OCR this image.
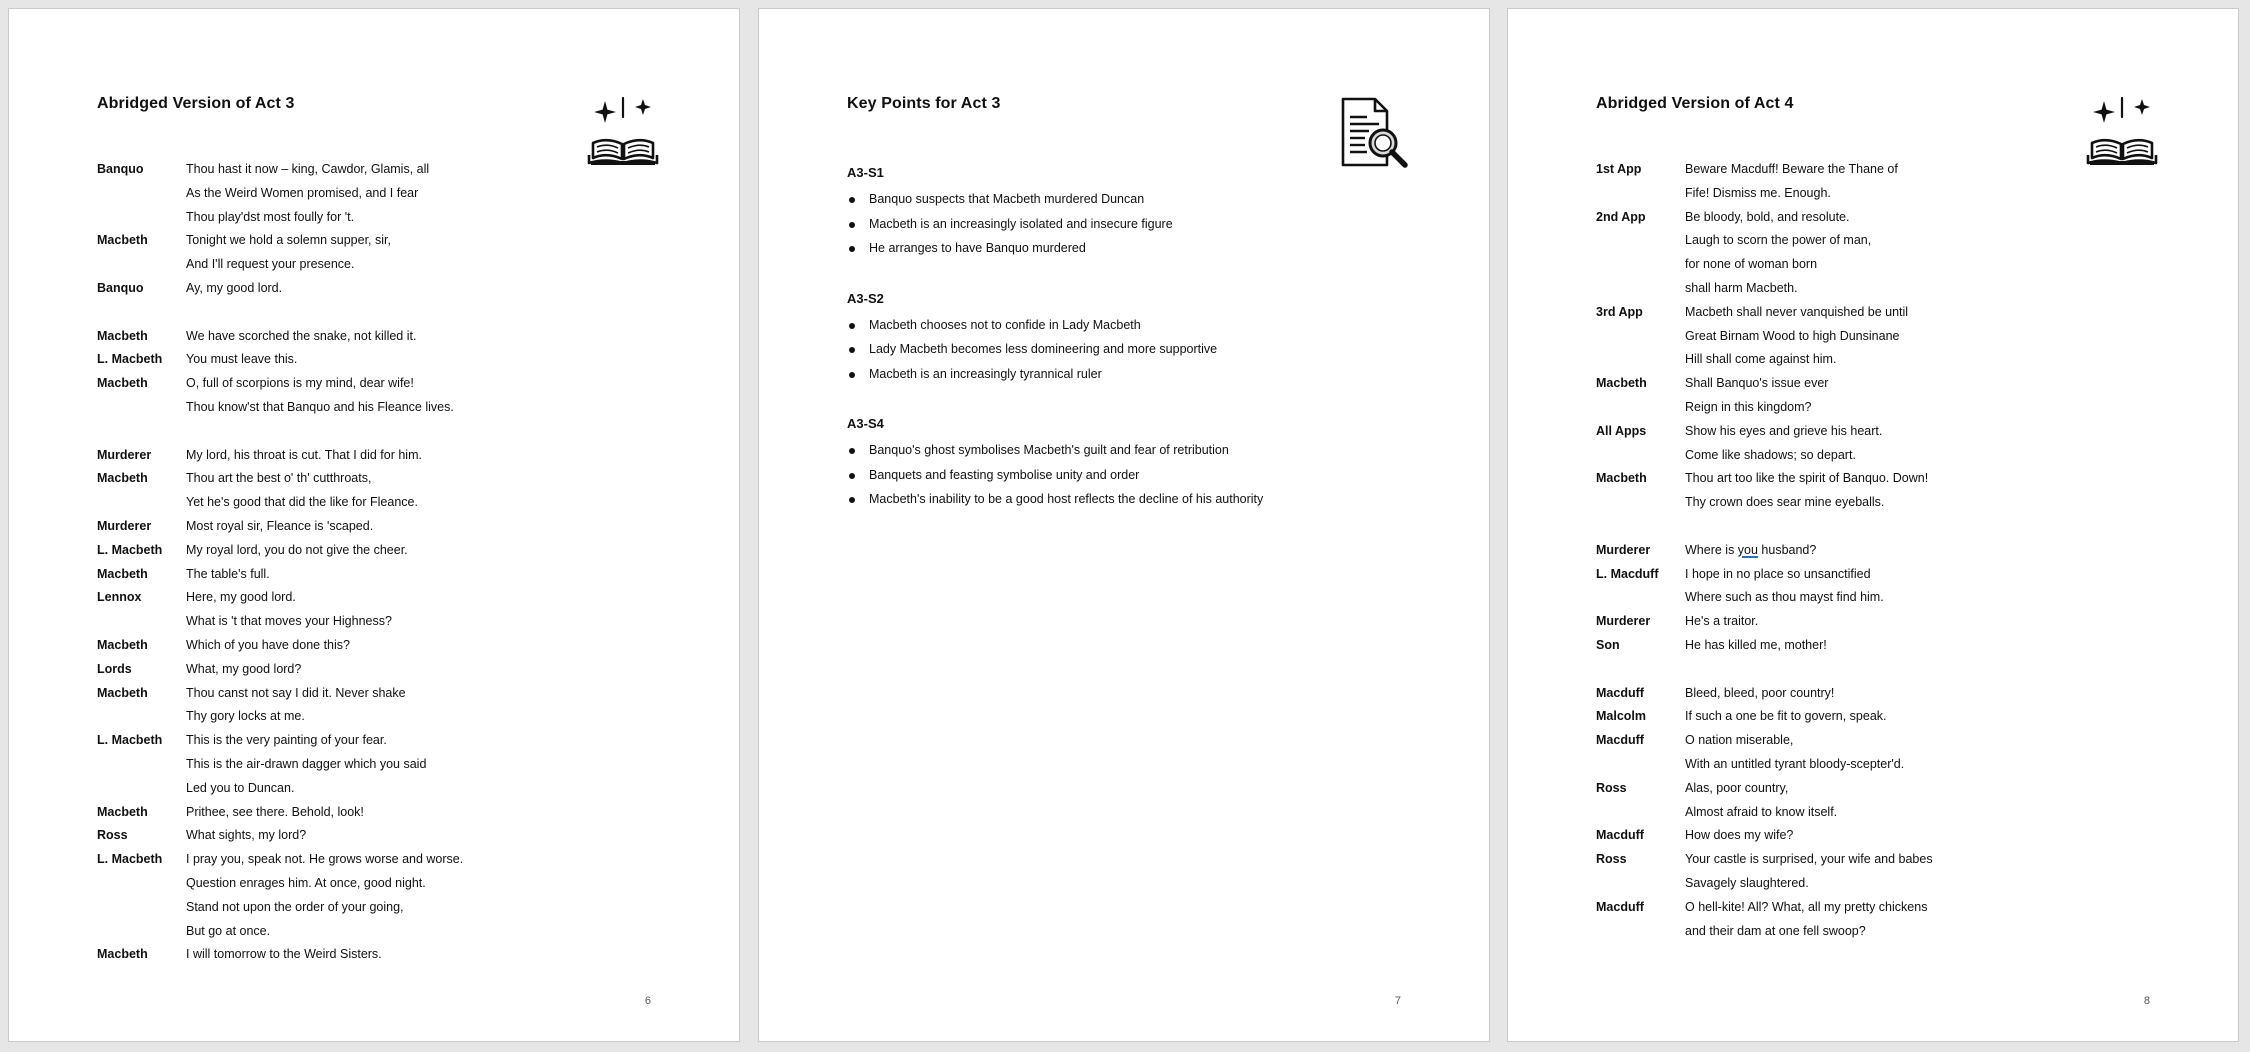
Abridged Version of Act 3
Banquo	Thou hast it now – king, Cawdor, Glamis, all
As the Weird Women promised, and I fear
Thou play'dst most foully for 't.
Macbeth	Tonight we hold a solemn supper, sir,
And I'll request your presence.
Banquo	Ay, my good lord.
Macbeth	We have scorched the snake, not killed it.
L. Macbeth You must leave this.
Macbeth	O, full of scorpions is my mind, dear wife!
Thou know'st that Banquo and his Fleance lives.
Murderer	My lord, his throat is cut. That I did for him.
Macbeth	Thou art the best o' th' cutthroats,
Yet he's good that did the like for Fleance.
Murderer	Most royal sir, Fleance is 'scaped.
L. Macbeth My royal lord, you do not give the cheer.
Macbeth	The table's full.
Lennox	Here, my good lord.
What is 't that moves your Highness?
Macbeth	Which of you have done this?
Lords	What, my good lord?
Macbeth	Thou canst not say I did it. Never shake
Thy gory locks at me.
L. Macbeth This is the very painting of your fear.
This is the air-drawn dagger which you said
Led you to Duncan.
Macbeth	Prithee, see there. Behold, look!
Ross	What sights, my lord?
L. Macbeth I pray you, speak not. He grows worse and worse.
Question enrages him. At once, good night.
Stand not upon the order of your going,
But go at once.
Macbeth	I will tomorrow to the Weird Sisters.
6
Key Points for Act 3
A3-S1
Banquo suspects that Macbeth murdered Duncan
Macbeth is an increasingly isolated and insecure figure
He arranges to have Banquo murdered
A3-S2
Macbeth chooses not to confide in Lady Macbeth
Lady Macbeth becomes less domineering and more supportive
Macbeth is an increasingly tyrannical ruler
A3-S4
Banquo's ghost symbolises Macbeth's guilt and fear of retribution
Banquets and feasting symbolise unity and order
Macbeth's inability to be a good host reflects the decline of his authority
7
Abridged Version of Act 4
1st App	Beware Macduff! Beware the Thane of
Fife! Dismiss me. Enough.
2nd App	Be bloody, bold, and resolute.
Laugh to scorn the power of man,
for none of woman born
shall harm Macbeth.
3rd App	Macbeth shall never vanquished be until
Great Birnam Wood to high Dunsinane
Hill shall come against him.
Macbeth	Shall Banquo's issue ever
Reign in this kingdom?
All Apps	Show his eyes and grieve his heart.
Come like shadows; so depart.
Macbeth	Thou art too like the spirit of Banquo. Down!
Thy crown does sear mine eyeballs.
Murderer	Where is you husband?
L. Macduff I hope in no place so unsanctified
Where such as thou mayst find him.
Murderer	He's a traitor.
Son	He has killed me, mother!
Macduff	Bleed, bleed, poor country!
Malcolm	If such a one be fit to govern, speak.
Macduff	O nation miserable,
With an untitled tyrant bloody-scepter'd.
Ross	Alas, poor country,
Almost afraid to know itself.
Macduff	How does my wife?
Ross	Your castle is surprised, your wife and babes
Savagely slaughtered.
Macduff	O hell-kite! All? What, all my pretty chickens
and their dam at one fell swoop?
8
